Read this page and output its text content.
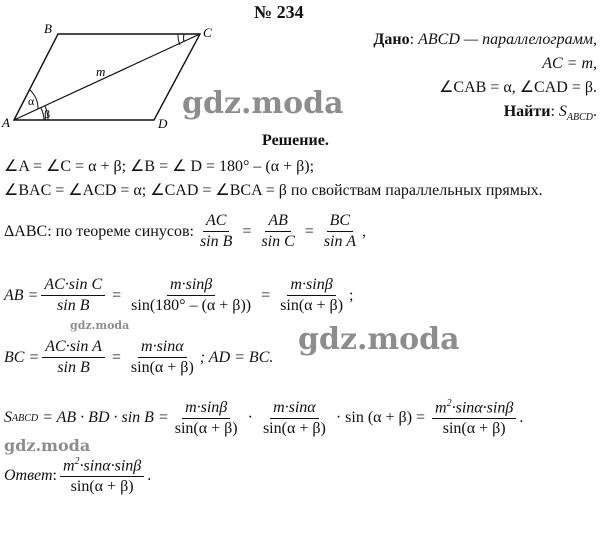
№ 234
A
B	C
D
m
α
β
Дано: ABCD — параллелограмм,
AC = m,
∠CAB = α, ∠CAD = β.
Найти: $S_{ABCD}$.
gdz.moda
gdz.moda
gdz.moda
gdz.moda
Решение.
∠A = ∠C = α + β; ∠B = ∠ D = 180° – (α + β);
∠BAC = ∠ACD = α; ∠CAD = ∠BCA = β по свойствам параллельных прямых.
ΔABC: по теореме синусов: $\frac{AC}{\text{sin B}} = \frac{AB}{\text{sin C}} = \frac{BC}{\text{sin A}}$ ,
AB = $\frac{\text{AC·sin C}}{\text{sin B}} = \frac{m\cdot\sin\beta}{\sin(180^\circ - (\alpha + \beta))} = \frac{m\cdot\sin\beta}{\sin(\alpha + \beta)}$ ;
BC = $\frac{\text{AC·sin A}}{\text{sin B}} = \frac{m\cdot\sin\alpha}{\sin(\alpha + \beta)}$ ; AD = BC.
S ABCD = AB · BD · $\sin B = \frac{m\cdot\sin\beta}{\sin(\alpha + \beta)} \cdot \frac{m\cdot\sin\alpha}{\sin(\alpha + \beta)} \cdot \sin (\alpha + \beta) = \frac{m^2\cdot\sin\alpha\cdot\sin\beta}{\sin(\alpha + \beta)}$ .
Ответ : $\frac{m^2\cdot\sin\alpha\cdot\sin\beta}{\sin(\alpha + \beta)}$ .
